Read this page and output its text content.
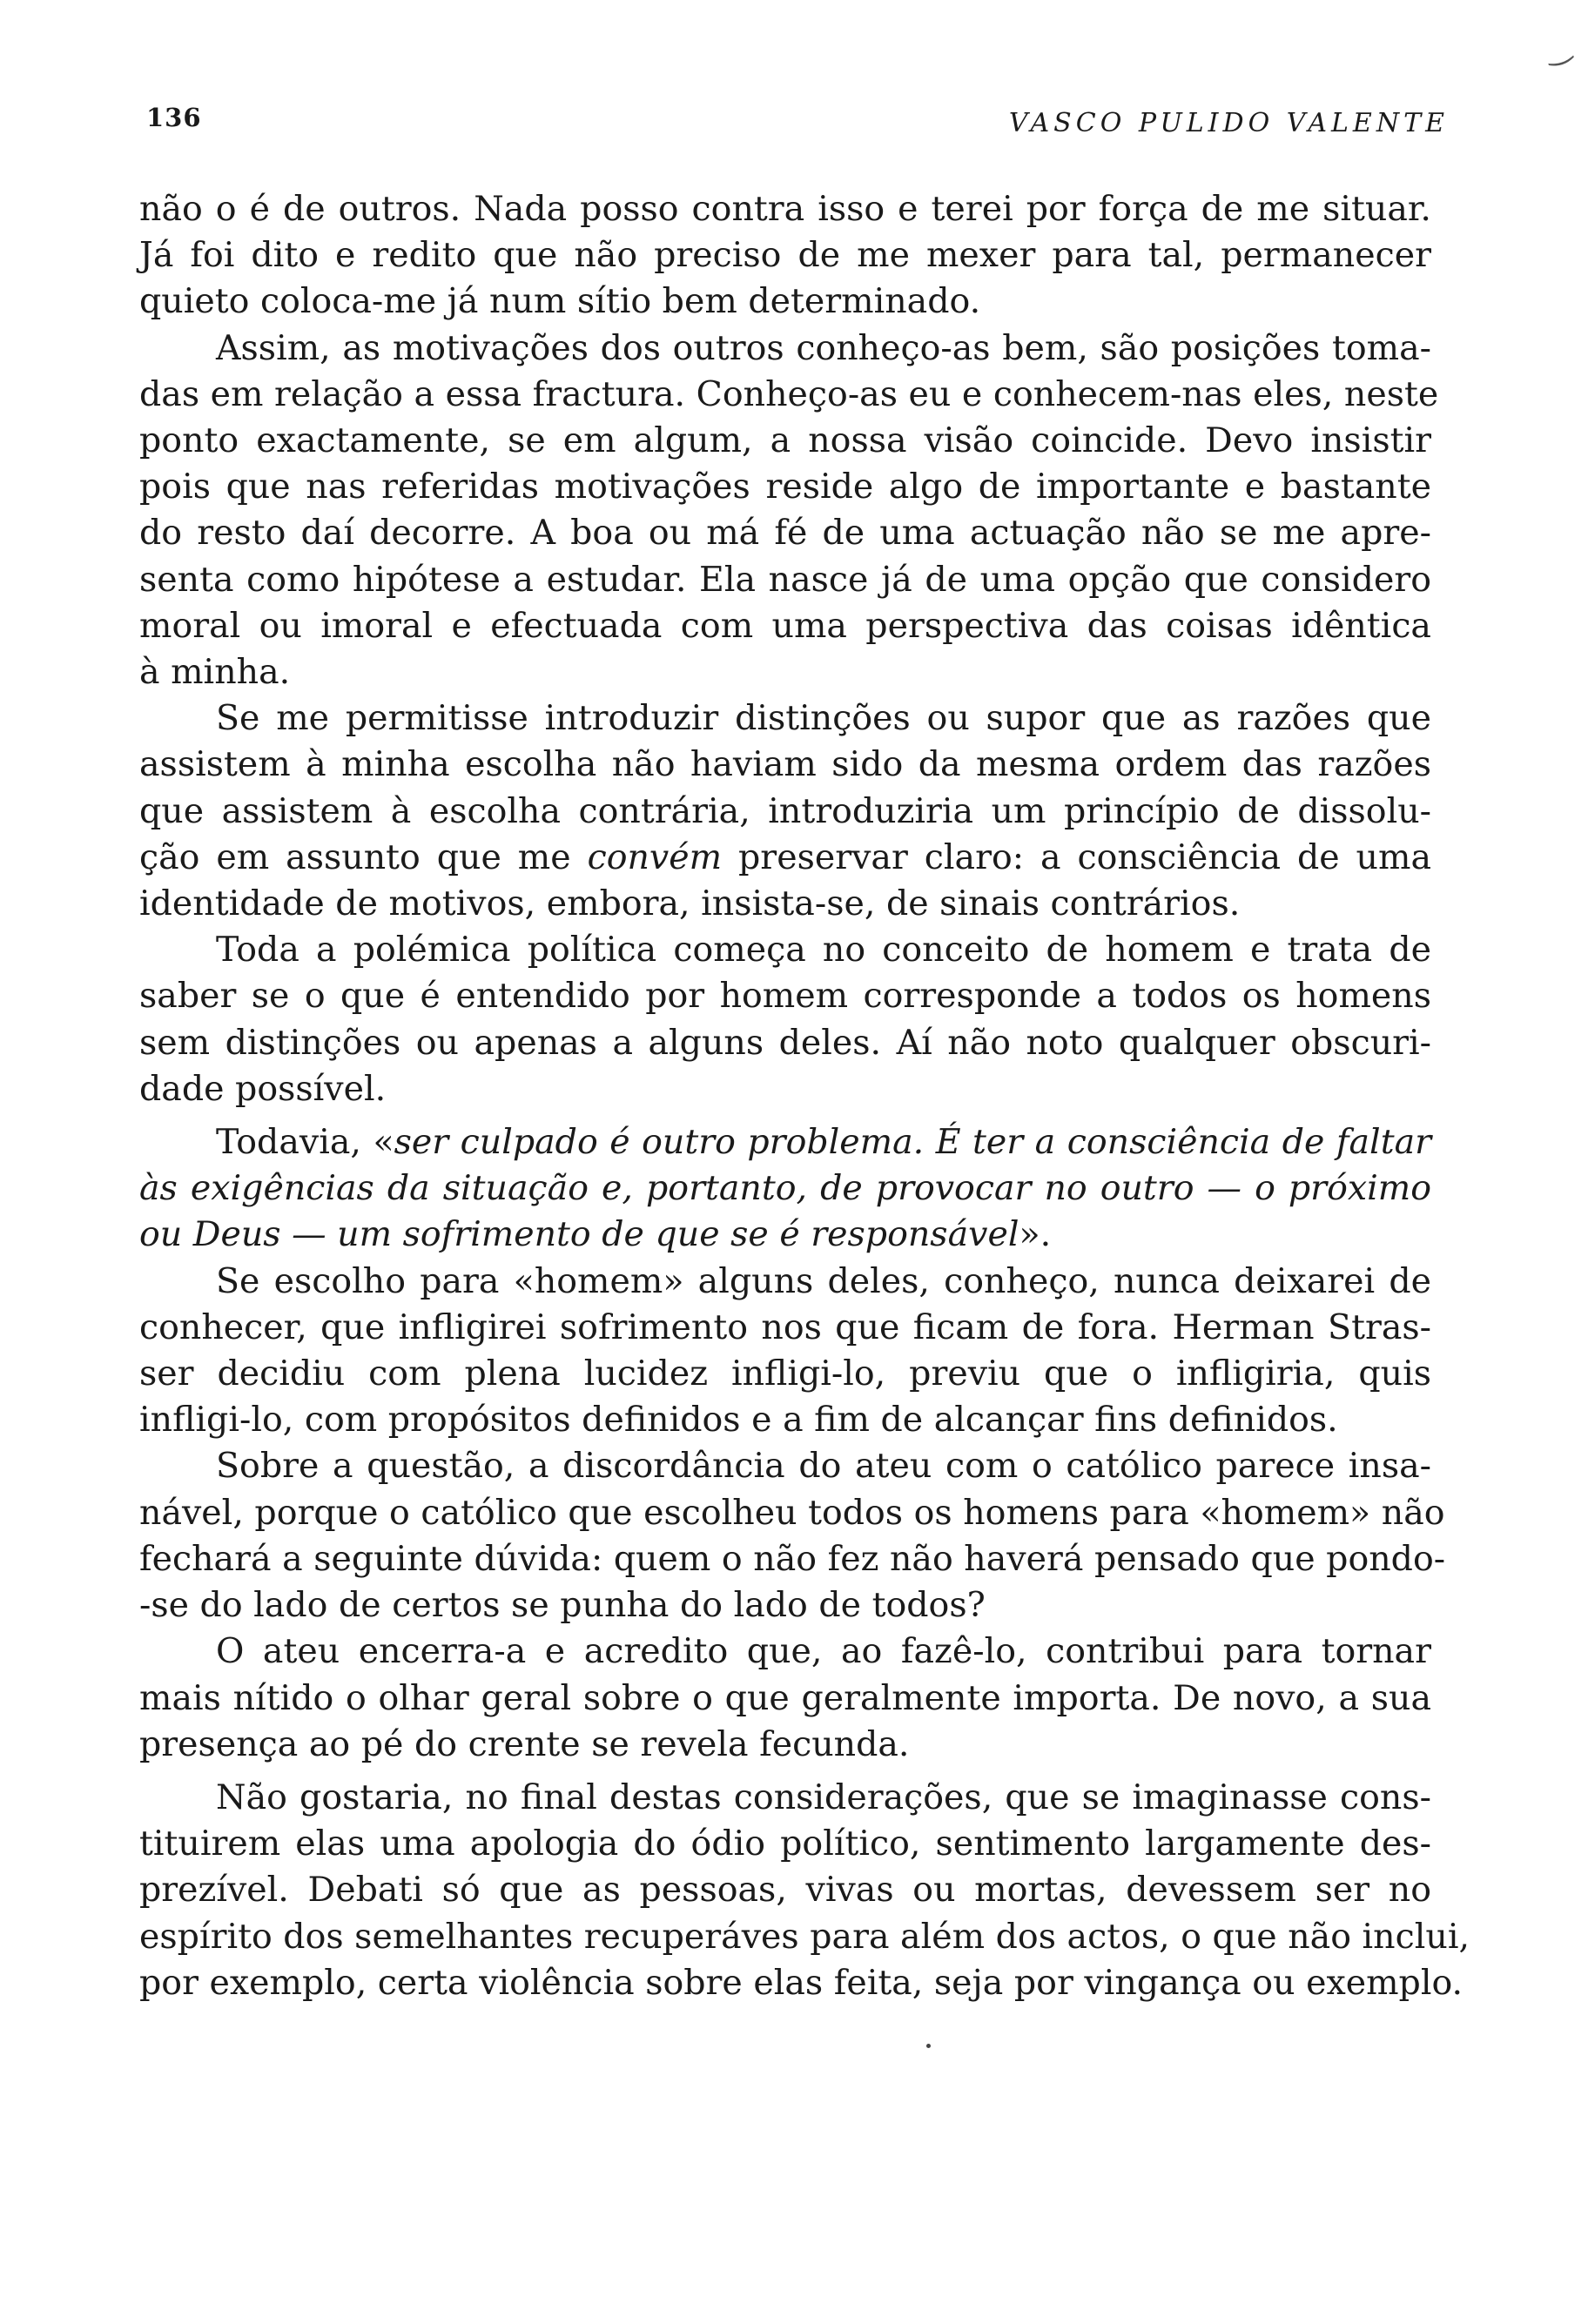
‿
136	VASCO PULIDO VALENTE
não o é de outros. Nada posso contra isso e terei por força de me situar.
Já foi dito e redito que não preciso de me mexer para tal, permanecer
quieto coloca-me já num sítio bem determinado.
Assim, as motivações dos outros conheço-as bem, são posições toma-
das em relação a essa fractura. Conheço-as eu e conhecem-nas eles, neste
ponto exactamente, se em algum, a nossa visão coincide. Devo insistir
pois que nas referidas motivações reside algo de importante e bastante
do resto daí decorre. A boa ou má fé de uma actuação não se me apre-
senta como hipótese a estudar. Ela nasce já de uma opção que considero
moral ou imoral e efectuada com uma perspectiva das coisas idêntica
à minha.
Se me permitisse introduzir distinções ou supor que as razões que
assistem à minha escolha não haviam sido da mesma ordem das razões
que assistem à escolha contrária, introduziria um princípio de dissolu-
ção em assunto que me convém preservar claro: a consciência de uma
identidade de motivos, embora, insista-se, de sinais contrários.
Toda a polémica política começa no conceito de homem e trata de
saber se o que é entendido por homem corresponde a todos os homens
sem distinções ou apenas a alguns deles. Aí não noto qualquer obscuri-
dade possível.
Todavia, «ser culpado é outro problema. É ter a consciência de faltar
às exigências da situação e, portanto, de provocar no outro — o próximo
ou Deus — um sofrimento de que se é responsável».
Se escolho para «homem» alguns deles, conheço, nunca deixarei de
conhecer, que infligirei sofrimento nos que ficam de fora. Herman Stras-
ser decidiu com plena lucidez infligi-lo, previu que o infligiria, quis
infligi-lo, com propósitos definidos e a fim de alcançar fins definidos.
Sobre a questão, a discordância do ateu com o católico parece insa-
nável, porque o católico que escolheu todos os homens para «homem» não
fechará a seguinte dúvida: quem o não fez não haverá pensado que pondo-
-se do lado de certos se punha do lado de todos?
O ateu encerra-a e acredito que, ao fazê-lo, contribui para tornar
mais nítido o olhar geral sobre o que geralmente importa. De novo, a sua
presença ao pé do crente se revela fecunda.
Não gostaria, no final destas considerações, que se imaginasse cons-
tituirem elas uma apologia do ódio político, sentimento largamente des-
prezível. Debati só que as pessoas, vivas ou mortas, devessem ser no
espírito dos semelhantes recuperáves para além dos actos, o que não inclui,
por exemplo, certa violência sobre elas feita, seja por vingança ou exemplo.
